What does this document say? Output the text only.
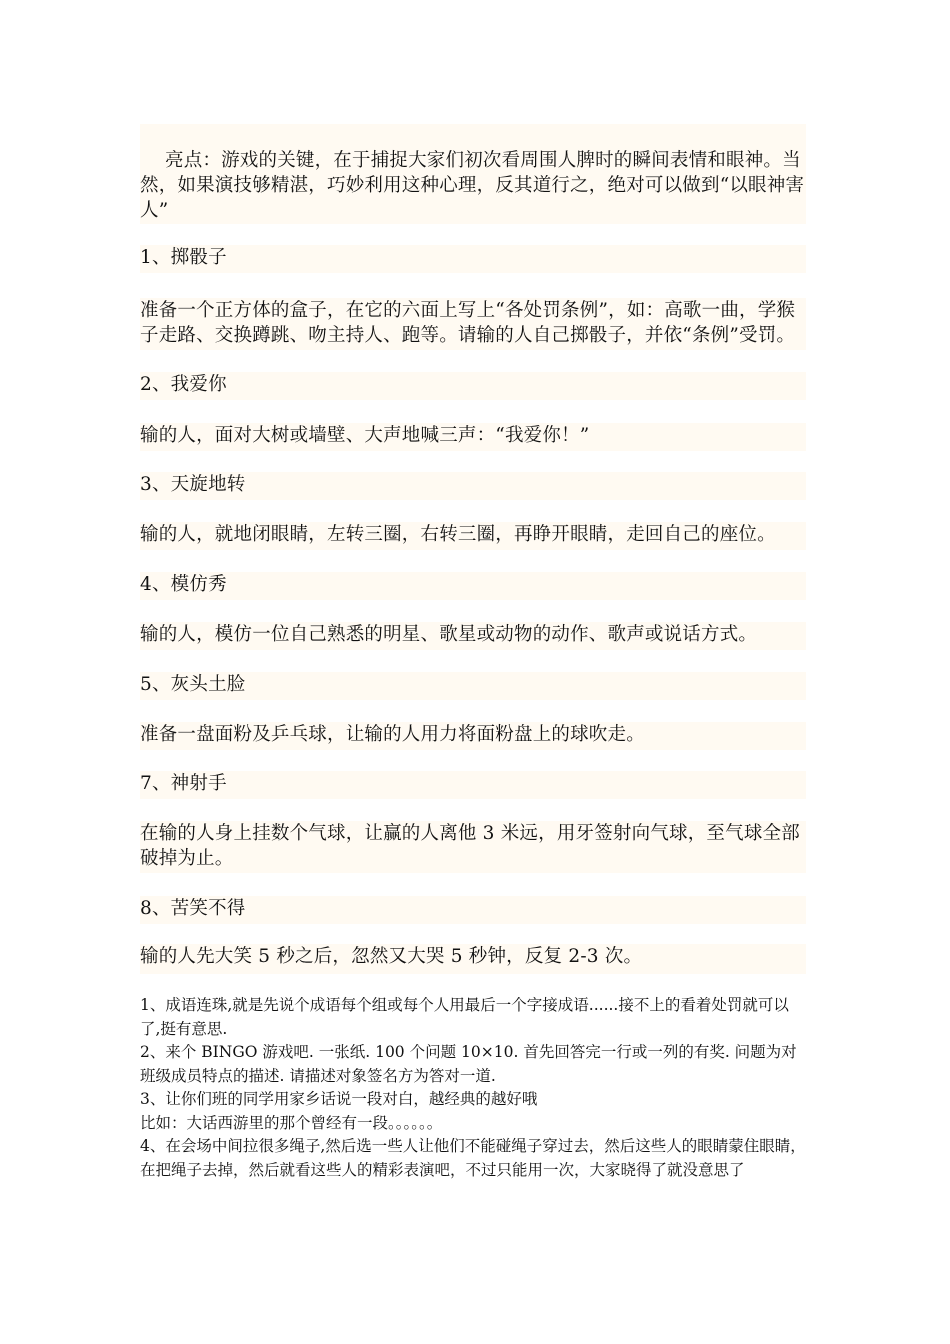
亮点：游戏的关键，在于捕捉大家们初次看周围人脾时的瞬间表情和眼神。当然，如果演技够精湛，巧妙利用这种心理，反其道行之，绝对可以做到“以眼神害人”

1、掷骰子

准备一个正方体的盒子，在它的六面上写上“各处罚条例”，如：高歌一曲，学猴子走路、交换蹲跳、吻主持人、跑等。请输的人自己掷骰子，并依“条例”受罚。

2、我爱你

输的人，面对大树或墙壁、大声地喊三声：“我爱你！”

3、天旋地转

输的人，就地闭眼睛，左转三圈，右转三圈，再睁开眼睛，走回自己的座位。

4、模仿秀

输的人，模仿一位自己熟悉的明星、歌星或动物的动作、歌声或说话方式。

5、灰头土脸

准备一盘面粉及乒乓球，让输的人用力将面粉盘上的球吹走。

7、神射手

在输的人身上挂数个气球，让赢的人离他 3 米远，用牙签射向气球，至气球全部破掉为止。

8、苦笑不得

输的人先大笑 5 秒之后，忽然又大哭 5 秒钟，反复 2-3 次。

1、成语连珠,就是先说个成语每个组或每个人用最后一个字接成语......接不上的看着处罚就可以了,挺有意思.

2、来个 BINGO 游戏吧. 一张纸. 100 个问题 10×10. 首先回答完一行或一列的有奖. 问题为对班级成员特点的描述. 请描述对象签名方为答对一道.

3、让你们班的同学用家乡话说一段对白，越经典的越好哦

比如：大话西游里的那个曾经有一段。。。。。。

4、在会场中间拉很多绳子,然后选一些人让他们不能碰绳子穿过去，然后这些人的眼睛蒙住眼睛，在把绳子去掉，然后就看这些人的精彩表演吧，不过只能用一次，大家晓得了就没意思了
